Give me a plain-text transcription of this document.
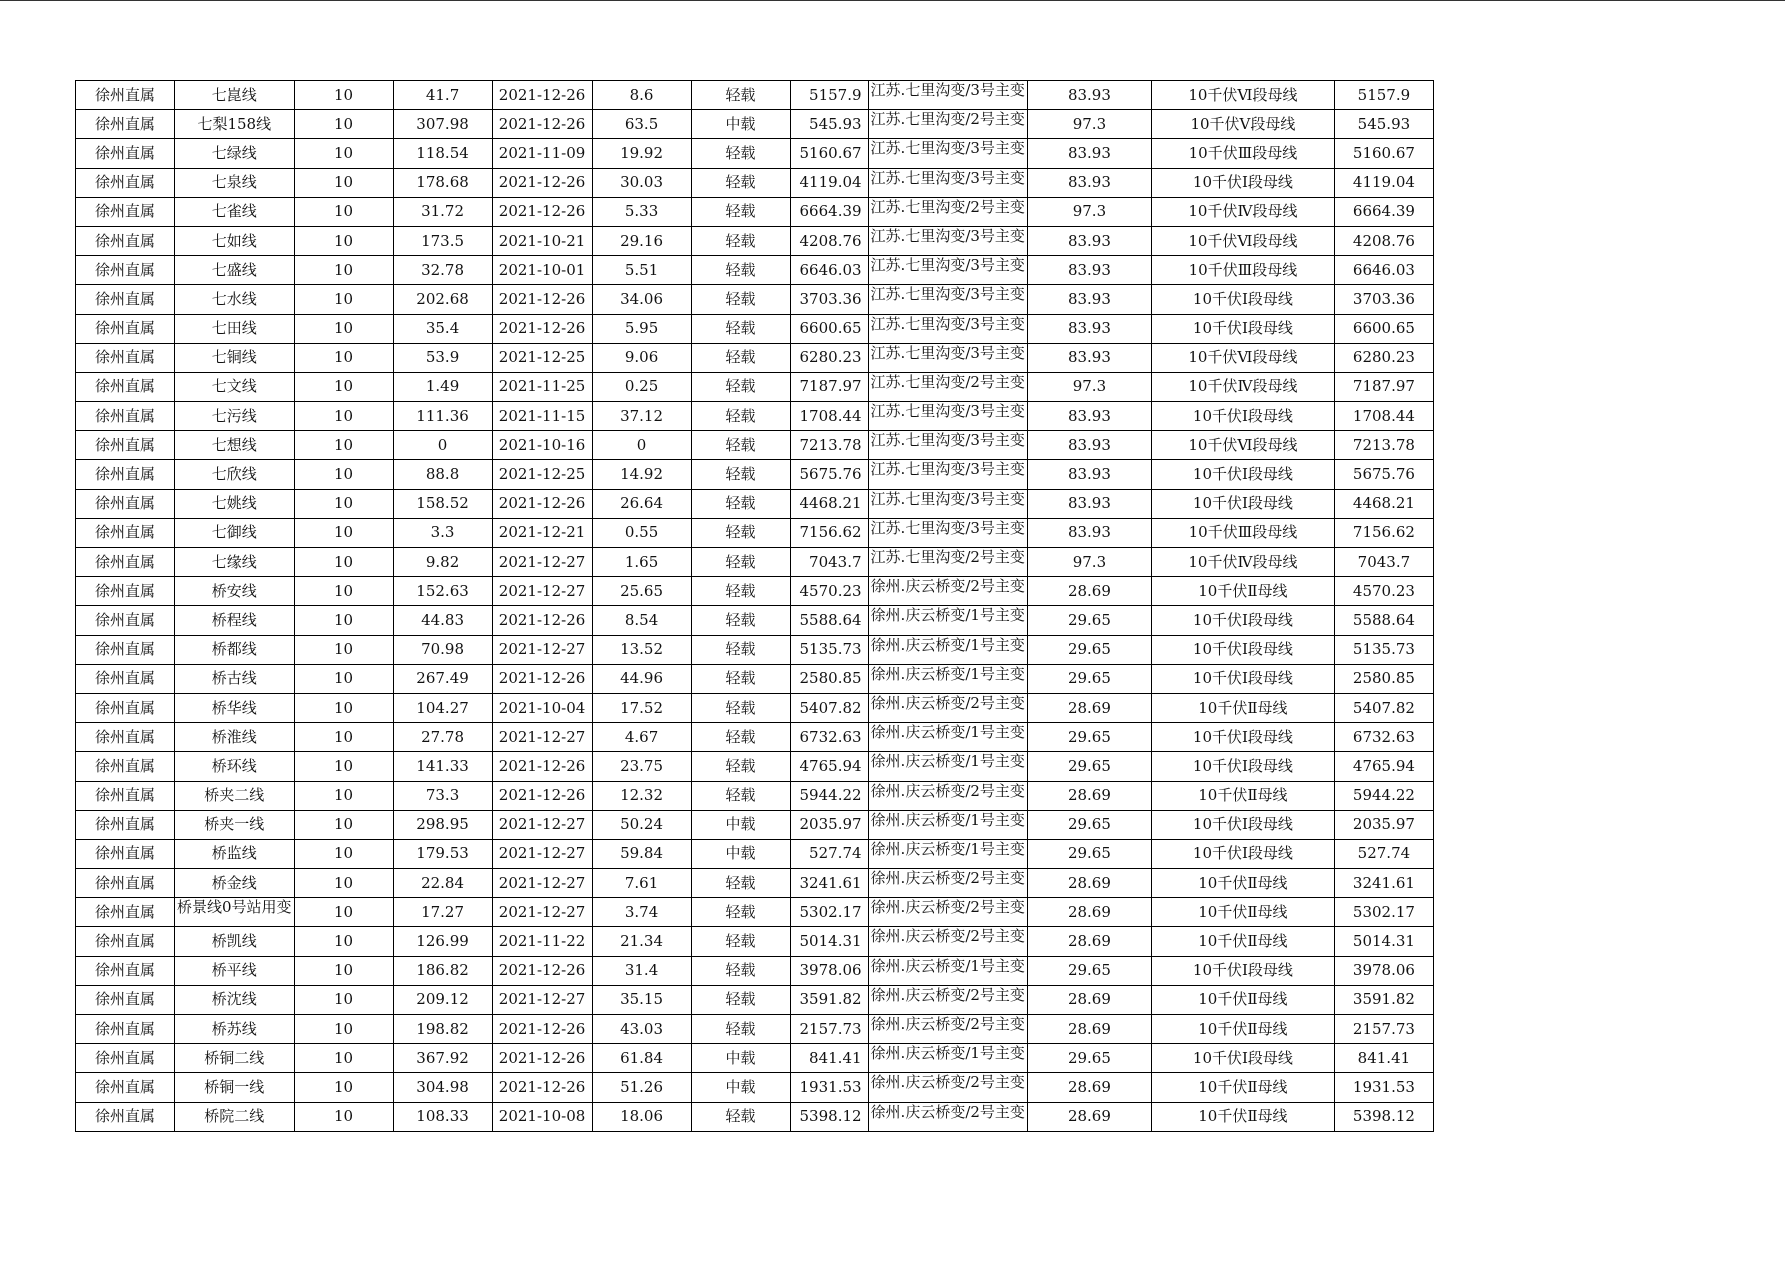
徐州直属	七崑线	10	41.7	2021-12-26	8.6	轻载	5157.9	江苏.七里沟变/3号主变	83.93	10千伏Ⅵ段母线	5157.9
徐州直属	七梨158线	10	307.98	2021-12-26	63.5	中载	545.93	江苏.七里沟变/2号主变	97.3	10千伏Ⅴ段母线	545.93
徐州直属	七绿线	10	118.54	2021-11-09	19.92	轻载	5160.67	江苏.七里沟变/3号主变	83.93	10千伏Ⅲ段母线	5160.67
徐州直属	七泉线	10	178.68	2021-12-26	30.03	轻载	4119.04	江苏.七里沟变/3号主变	83.93	10千伏Ⅰ段母线	4119.04
徐州直属	七雀线	10	31.72	2021-12-26	5.33	轻载	6664.39	江苏.七里沟变/2号主变	97.3	10千伏Ⅳ段母线	6664.39
徐州直属	七如线	10	173.5	2021-10-21	29.16	轻载	4208.76	江苏.七里沟变/3号主变	83.93	10千伏Ⅵ段母线	4208.76
徐州直属	七盛线	10	32.78	2021-10-01	5.51	轻载	6646.03	江苏.七里沟变/3号主变	83.93	10千伏Ⅲ段母线	6646.03
徐州直属	七水线	10	202.68	2021-12-26	34.06	轻载	3703.36	江苏.七里沟变/3号主变	83.93	10千伏Ⅰ段母线	3703.36
徐州直属	七田线	10	35.4	2021-12-26	5.95	轻载	6600.65	江苏.七里沟变/3号主变	83.93	10千伏Ⅰ段母线	6600.65
徐州直属	七铜线	10	53.9	2021-12-25	9.06	轻载	6280.23	江苏.七里沟变/3号主变	83.93	10千伏Ⅵ段母线	6280.23
徐州直属	七文线	10	1.49	2021-11-25	0.25	轻载	7187.97	江苏.七里沟变/2号主变	97.3	10千伏Ⅳ段母线	7187.97
徐州直属	七污线	10	111.36	2021-11-15	37.12	轻载	1708.44	江苏.七里沟变/3号主变	83.93	10千伏Ⅰ段母线	1708.44
徐州直属	七想线	10	0	2021-10-16	0	轻载	7213.78	江苏.七里沟变/3号主变	83.93	10千伏Ⅵ段母线	7213.78
徐州直属	七欣线	10	88.8	2021-12-25	14.92	轻载	5675.76	江苏.七里沟变/3号主变	83.93	10千伏Ⅰ段母线	5675.76
徐州直属	七姚线	10	158.52	2021-12-26	26.64	轻载	4468.21	江苏.七里沟变/3号主变	83.93	10千伏Ⅰ段母线	4468.21
徐州直属	七御线	10	3.3	2021-12-21	0.55	轻载	7156.62	江苏.七里沟变/3号主变	83.93	10千伏Ⅲ段母线	7156.62
徐州直属	七缘线	10	9.82	2021-12-27	1.65	轻载	7043.7	江苏.七里沟变/2号主变	97.3	10千伏Ⅳ段母线	7043.7
徐州直属	桥安线	10	152.63	2021-12-27	25.65	轻载	4570.23	徐州.庆云桥变/2号主变	28.69	10千伏Ⅱ母线	4570.23
徐州直属	桥程线	10	44.83	2021-12-26	8.54	轻载	5588.64	徐州.庆云桥变/1号主变	29.65	10千伏Ⅰ段母线	5588.64
徐州直属	桥都线	10	70.98	2021-12-27	13.52	轻载	5135.73	徐州.庆云桥变/1号主变	29.65	10千伏Ⅰ段母线	5135.73
徐州直属	桥古线	10	267.49	2021-12-26	44.96	轻载	2580.85	徐州.庆云桥变/1号主变	29.65	10千伏Ⅰ段母线	2580.85
徐州直属	桥华线	10	104.27	2021-10-04	17.52	轻载	5407.82	徐州.庆云桥变/2号主变	28.69	10千伏Ⅱ母线	5407.82
徐州直属	桥淮线	10	27.78	2021-12-27	4.67	轻载	6732.63	徐州.庆云桥变/1号主变	29.65	10千伏Ⅰ段母线	6732.63
徐州直属	桥环线	10	141.33	2021-12-26	23.75	轻载	4765.94	徐州.庆云桥变/1号主变	29.65	10千伏Ⅰ段母线	4765.94
徐州直属	桥夹二线	10	73.3	2021-12-26	12.32	轻载	5944.22	徐州.庆云桥变/2号主变	28.69	10千伏Ⅱ母线	5944.22
徐州直属	桥夹一线	10	298.95	2021-12-27	50.24	中载	2035.97	徐州.庆云桥变/1号主变	29.65	10千伏Ⅰ段母线	2035.97
徐州直属	桥监线	10	179.53	2021-12-27	59.84	中载	527.74	徐州.庆云桥变/1号主变	29.65	10千伏Ⅰ段母线	527.74
徐州直属	桥金线	10	22.84	2021-12-27	7.61	轻载	3241.61	徐州.庆云桥变/2号主变	28.69	10千伏Ⅱ母线	3241.61
徐州直属	桥景线0号站用变	10	17.27	2021-12-27	3.74	轻载	5302.17	徐州.庆云桥变/2号主变	28.69	10千伏Ⅱ母线	5302.17
徐州直属	桥凯线	10	126.99	2021-11-22	21.34	轻载	5014.31	徐州.庆云桥变/2号主变	28.69	10千伏Ⅱ母线	5014.31
徐州直属	桥平线	10	186.82	2021-12-26	31.4	轻载	3978.06	徐州.庆云桥变/1号主变	29.65	10千伏Ⅰ段母线	3978.06
徐州直属	桥沈线	10	209.12	2021-12-27	35.15	轻载	3591.82	徐州.庆云桥变/2号主变	28.69	10千伏Ⅱ母线	3591.82
徐州直属	桥苏线	10	198.82	2021-12-26	43.03	轻载	2157.73	徐州.庆云桥变/2号主变	28.69	10千伏Ⅱ母线	2157.73
徐州直属	桥铜二线	10	367.92	2021-12-26	61.84	中载	841.41	徐州.庆云桥变/1号主变	29.65	10千伏Ⅰ段母线	841.41
徐州直属	桥铜一线	10	304.98	2021-12-26	51.26	中载	1931.53	徐州.庆云桥变/2号主变	28.69	10千伏Ⅱ母线	1931.53
徐州直属	桥院二线	10	108.33	2021-10-08	18.06	轻载	5398.12	徐州.庆云桥变/2号主变	28.69	10千伏Ⅱ母线	5398.12
